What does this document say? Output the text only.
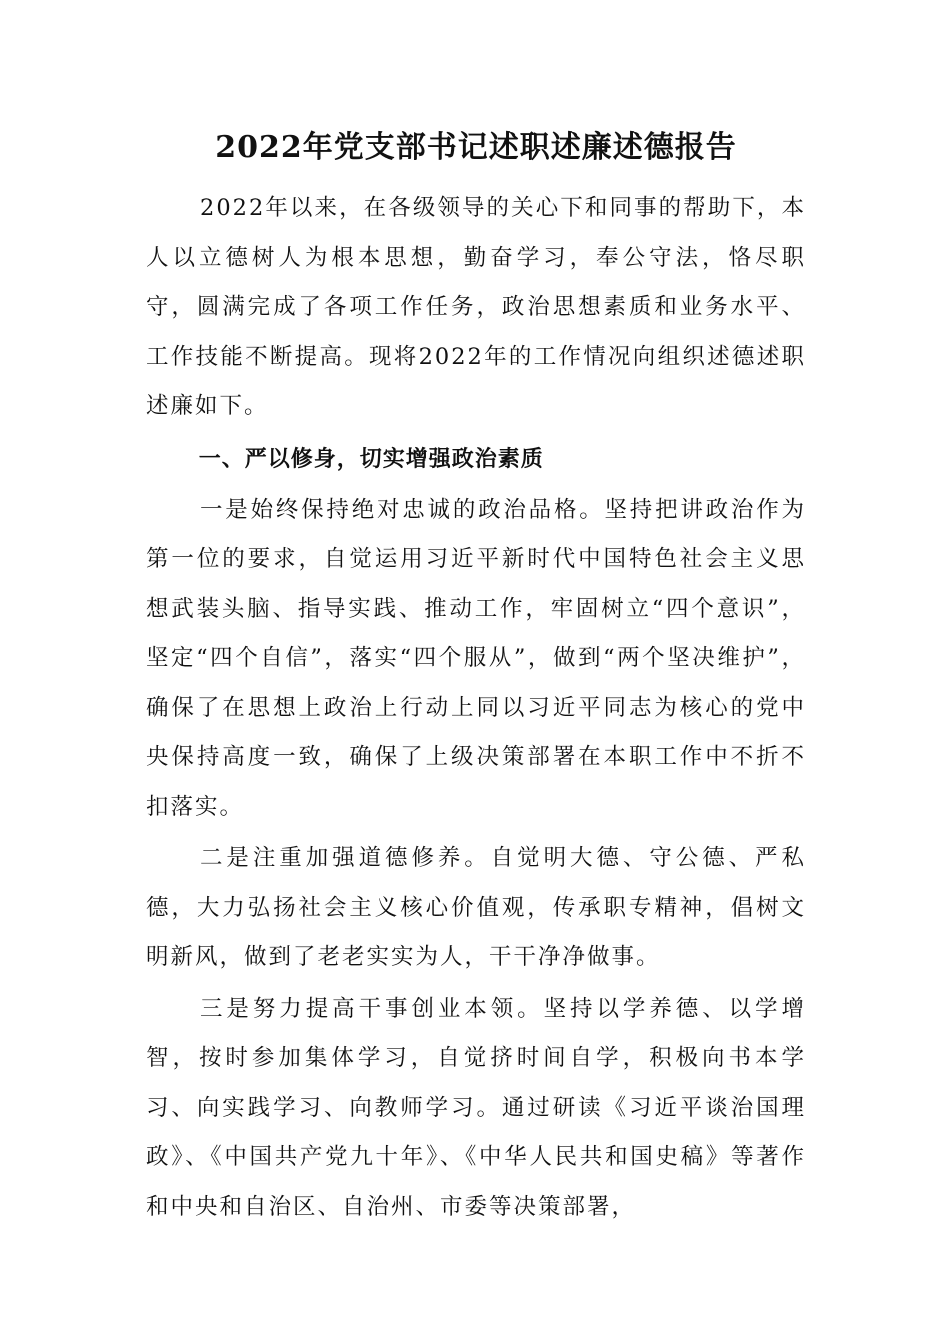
2022年党支部书记述职述廉述德报告

2022年以来，在各级领导的关心下和同事的帮助下，本人以立德树人为根本思想，勤奋学习，奉公守法，恪尽职守，圆满完成了各项工作任务，政治思想素质和业务水平、工作技能不断提高。现将2022年的工作情况向组织述德述职述廉如下。

一、严以修身，切实增强政治素质

一是始终保持绝对忠诚的政治品格。坚持把讲政治作为第一位的要求，自觉运用习近平新时代中国特色社会主义思想武装头脑、指导实践、推动工作，牢固树立“四个意识”，坚定“四个自信”，落实“四个服从”，做到“两个坚决维护”，确保了在思想上政治上行动上同以习近平同志为核心的党中央保持高度一致，确保了上级决策部署在本职工作中不折不扣落实。

二是注重加强道德修养。自觉明大德、守公德、严私德，大力弘扬社会主义核心价值观，传承职专精神，倡树文明新风，做到了老老实实为人，干干净净做事。

三是努力提高干事创业本领。坚持以学养德、以学增智，按时参加集体学习，自觉挤时间自学，积极向书本学习、向实践学习、向教师学习。通过研读《习近平谈治国理政》、《中国共产党九十年》、《中华人民共和国史稿》等著作和中央和自治区、自治州、市委等决策部署，
